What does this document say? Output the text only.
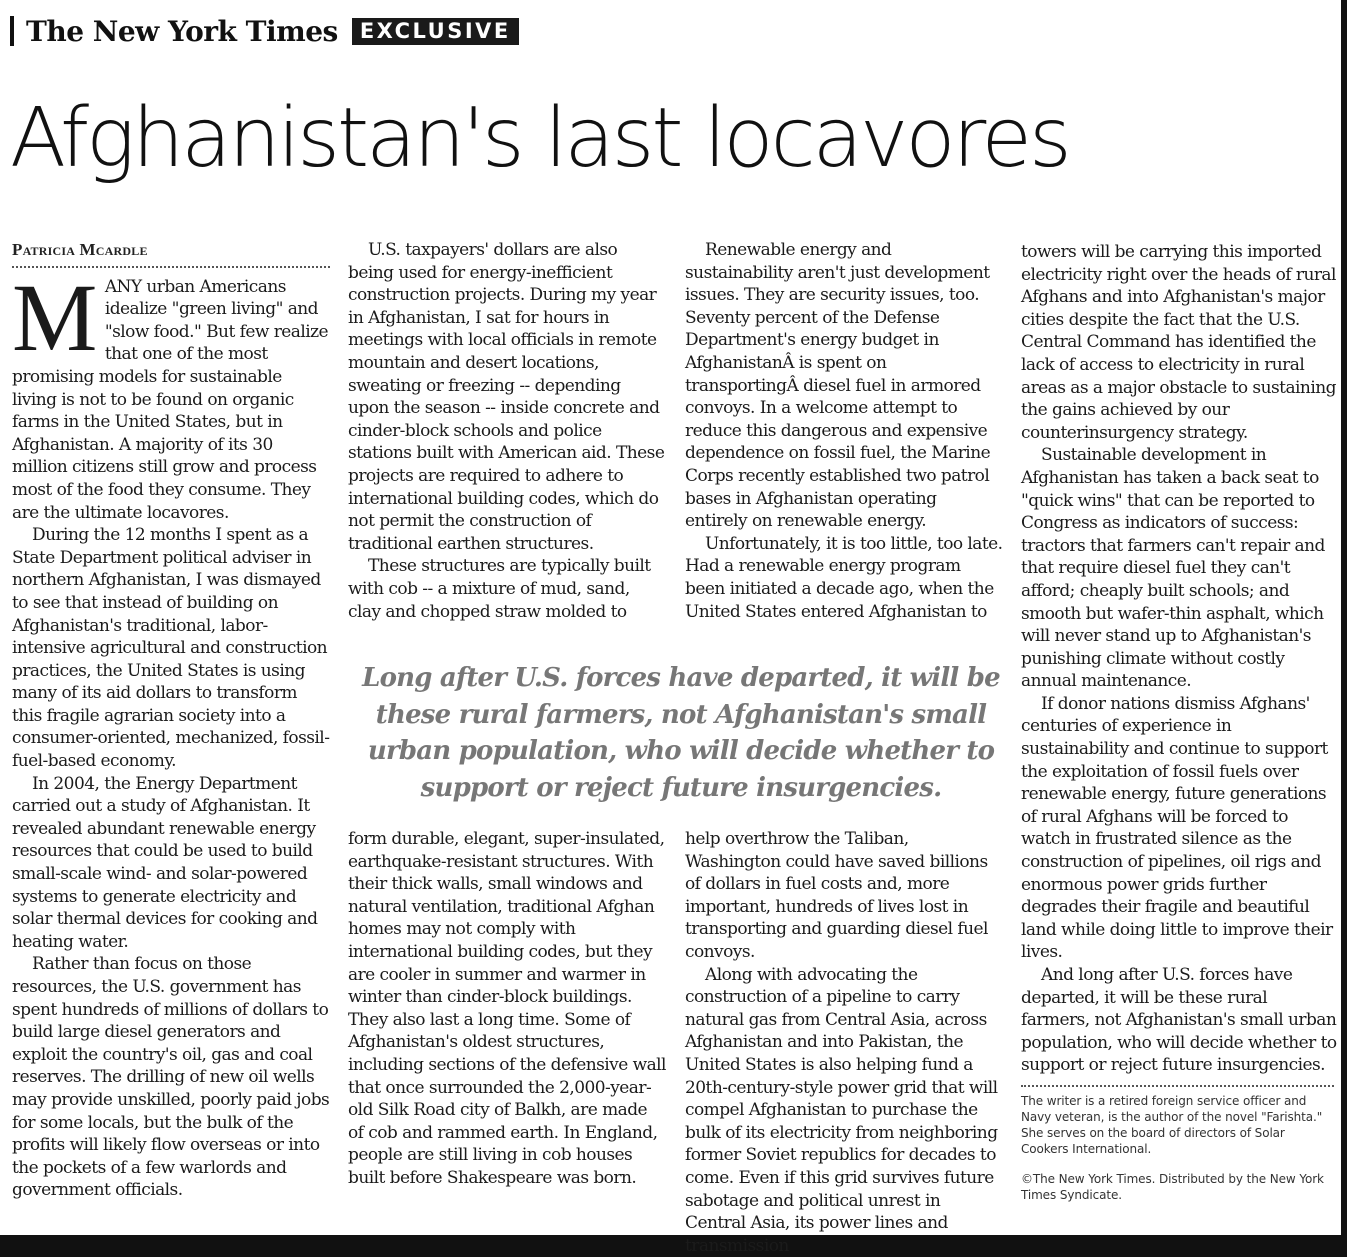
The New York Times	EXCLUSIVE
Afghanistan's last locavores
Patricia Mcardle

MANY urban Americans idealize "green living" and "slow food." But few realize that one of the most promising models for sustainable living is not to be found on organic farms in the United States, but in Afghanistan. A majority of its 30 million citizens still grow and process most of the food they consume. They are the ultimate locavores.

During the 12 months I spent as a State Department political adviser in northern Afghanistan, I was dismayed to see that instead of building on Afghanistan's traditional, labor-intensive agricultural and construction practices, the United States is using many of its aid dollars to transform this fragile agrarian society into a consumer-oriented, mechanized, fossil-fuel-based economy.

In 2004, the Energy Department carried out a study of Afghanistan. It revealed abundant renewable energy resources that could be used to build small-scale wind- and solar-powered systems to generate electricity and solar thermal devices for cooking and heating water.

Rather than focus on those resources, the U.S. government has spent hundreds of millions of dollars to build large diesel generators and exploit the country's oil, gas and coal reserves. The drilling of new oil wells may provide unskilled, poorly paid jobs for some locals, but the bulk of the profits will likely flow overseas or into the pockets of a few warlords and government officials.

U.S. taxpayers' dollars are also being used for energy-inefficient construction projects. During my year in Afghanistan, I sat for hours in meetings with local officials in remote mountain and desert locations, sweating or freezing -- depending upon the season -- inside concrete and cinder-block schools and police stations built with American aid. These projects are required to adhere to international building codes, which do not permit the construction of traditional earthen structures.

These structures are typically built with cob -- a mixture of mud, sand, clay and chopped straw molded to

Renewable energy and sustainability aren't just development issues. They are security issues, too. Seventy percent of the Defense Department's energy budget in AfghanistanÂ is spent on transportingÂ diesel fuel in armored convoys. In a welcome attempt to reduce this dangerous and expensive dependence on fossil fuel, the Marine Corps recently established two patrol bases in Afghanistan operating entirely on renewable energy.

Unfortunately, it is too little, too late. Had a renewable energy program been initiated a decade ago, when the United States entered Afghanistan to

Long after U.S. forces have departed, it will be these rural farmers, not Afghanistan's small urban population, who will decide whether to support or reject future insurgencies.

form durable, elegant, super-insulated, earthquake-resistant structures. With their thick walls, small windows and natural ventilation, traditional Afghan homes may not comply with international building codes, but they are cooler in summer and warmer in winter than cinder-block buildings. They also last a long time. Some of Afghanistan's oldest structures, including sections of the defensive wall that once surrounded the 2,000-year-old Silk Road city of Balkh, are made of cob and rammed earth. In England, people are still living in cob houses built before Shakespeare was born.

help overthrow the Taliban, Washington could have saved billions of dollars in fuel costs and, more important, hundreds of lives lost in transporting and guarding diesel fuel convoys.

Along with advocating the construction of a pipeline to carry natural gas from Central Asia, across Afghanistan and into Pakistan, the United States is also helping fund a 20th-century-style power grid that will compel Afghanistan to purchase the bulk of its electricity from neighboring former Soviet republics for decades to come. Even if this grid survives future sabotage and political unrest in Central Asia, its power lines and transmission

towers will be carrying this imported electricity right over the heads of rural Afghans and into Afghanistan's major cities despite the fact that the U.S. Central Command has identified the lack of access to electricity in rural areas as a major obstacle to sustaining the gains achieved by our counterinsurgency strategy.

Sustainable development in Afghanistan has taken a back seat to "quick wins" that can be reported to Congress as indicators of success: tractors that farmers can't repair and that require diesel fuel they can't afford; cheaply built schools; and smooth but wafer-thin asphalt, which will never stand up to Afghanistan's punishing climate without costly annual maintenance.

If donor nations dismiss Afghans' centuries of experience in sustainability and continue to support the exploitation of fossil fuels over renewable energy, future generations of rural Afghans will be forced to watch in frustrated silence as the construction of pipelines, oil rigs and enormous power grids further degrades their fragile and beautiful land while doing little to improve their lives.

And long after U.S. forces have departed, it will be these rural farmers, not Afghanistan's small urban population, who will decide whether to support or reject future insurgencies.

The writer is a retired foreign service officer and Navy veteran, is the author of the novel "Farishta." She serves on the board of directors of Solar Cookers International.

©The New York Times. Distributed by the New York Times Syndicate.
